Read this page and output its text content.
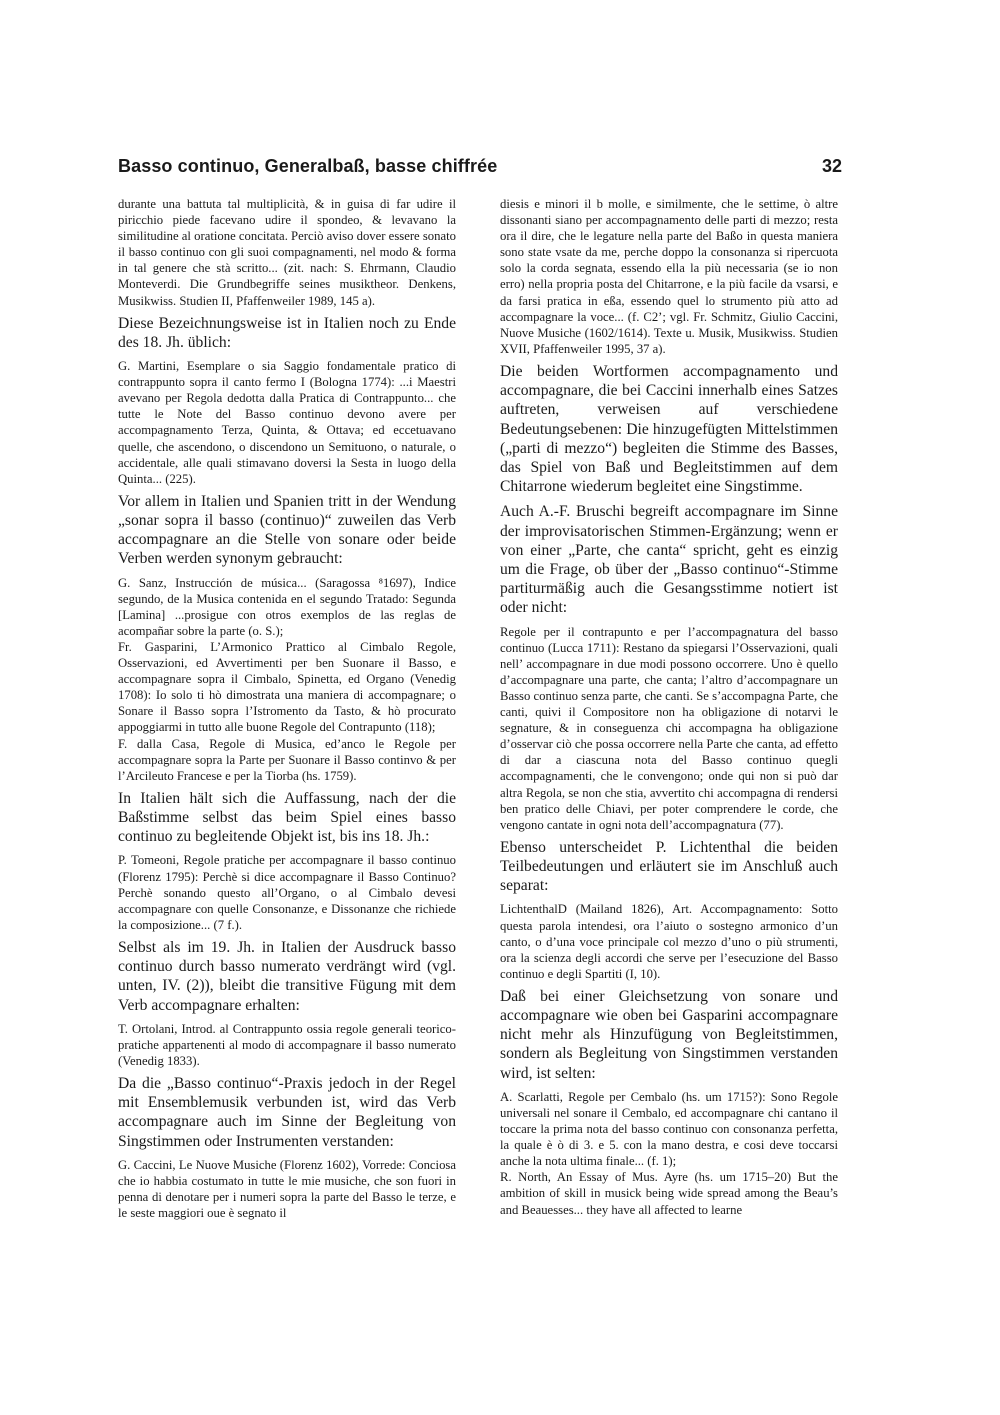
Basso continuo, Generalbaß, basse chiffrée	32

durante una battuta tal multiplicità, & in guisa di far udire il piricchio piede facevano udire il spondeo, & levavano la similitudine al oratione concitata. Perciò aviso dover essere sonato il basso continuo con gli suoi compagnamenti, nel modo & forma in tal genere che stà scritto... (zit. nach: S. Ehrmann, Claudio Monteverdi. Die Grundbegriffe seines musiktheor. Denkens, Musikwiss. Studien II, Pfaffenweiler 1989, 145 a).

Diese Bezeichnungsweise ist in Italien noch zu Ende des 18. Jh. üblich:

G. Martini, Esemplare o sia Saggio fondamentale pratico di contrappunto sopra il canto fermo I (Bologna 1774): ...i Maestri avevano per Regola dedotta dalla Pratica di Contrappunto... che tutte le Note del Basso continuo devono avere per accompagnamento Terza, Quinta, & Ottava; ed eccetuavano quelle, che ascendono, o discendono un Semituono, o naturale, o accidentale, alle quali stimavano doversi la Sesta in luogo della Quinta... (225).

Vor allem in Italien und Spanien tritt in der Wendung „sonar sopra il basso (continuo)“ zuweilen das Verb accompagnare an die Stelle von sonare oder beide Verben werden synonym gebraucht:

G. Sanz, Instrucción de música... (Saragossa ⁸1697), Indice segundo, de la Musica contenida en el segundo Tratado: Segunda [Lamina] ...prosigue con otros exemplos de las reglas de acompañar sobre la parte (o. S.);

Fr. Gasparini, L’Armonico Prattico al Cimbalo Regole, Osservazioni, ed Avvertimenti per ben Suonare il Basso, e accompagnare sopra il Cimbalo, Spinetta, ed Organo (Venedig 1708): Io solo ti hò dimostrata una maniera di accompagnare; o Sonare il Basso sopra l’Istromento da Tasto, & hò procurato appoggiarmi in tutto alle buone Regole del Contrapunto (118);

F. dalla Casa, Regole di Musica, ed’anco le Regole per accompagnare sopra la Parte per Suonare il Basso continvo & per l’Arcileuto Francese e per la Tiorba (hs. 1759).

In Italien hält sich die Auffassung, nach der die Baßstimme selbst das beim Spiel eines basso continuo zu begleitende Objekt ist, bis ins 18. Jh.:

P. Tomeoni, Regole pratiche per accompagnare il basso continuo (Florenz 1795): Perchè si dice accompagnare il Basso Continuo? Perchè sonando questo all’Organo, o al Cimbalo devesi accompagnare con quelle Consonanze, e Dissonanze che richiede la composizione... (7 f.).

Selbst als im 19. Jh. in Italien der Ausdruck basso continuo durch basso numerato verdrängt wird (vgl. unten, IV. (2)), bleibt die transitive Fügung mit dem Verb accompagnare erhalten:

T. Ortolani, Introd. al Contrappunto ossia regole generali teorico-pratiche appartenenti al modo di accompagnare il basso numerato (Venedig 1833).

Da die „Basso continuo“-Praxis jedoch in der Regel mit Ensemblemusik verbunden ist, wird das Verb accompagnare auch im Sinne der Begleitung von Singstimmen oder Instrumenten verstanden:

G. Caccini, Le Nuove Musiche (Florenz 1602), Vorrede: Conciosa che io habbia costumato in tutte le mie musiche, che son fuori in penna di denotare per i numeri sopra la parte del Basso le terze, e le seste maggiori oue è segnato il

diesis e minori il b molle, e similmente, che le settime, ò altre dissonanti siano per accompagnamento delle parti di mezzo; resta ora il dire, che le legature nella parte del Baßo in questa maniera sono state vsate da me, perche doppo la consonanza si ripercuota solo la corda segnata, essendo ella la più necessaria (se io non erro) nella propria posta del Chitarrone, e la più facile da vsarsi, e da farsi pratica in eßa, essendo quel lo strumento più atto ad accompagnare la voce... (f. C2’; vgl. Fr. Schmitz, Giulio Caccini, Nuove Musiche (1602/1614). Texte u. Musik, Musikwiss. Studien XVII, Pfaffenweiler 1995, 37 a).

Die beiden Wortformen accompagnamento und accompagnare, die bei Caccini innerhalb eines Satzes auftreten, verweisen auf verschiedene Bedeutungsebenen: Die hinzugefügten Mittelstimmen („parti di mezzo“) begleiten die Stimme des Basses, das Spiel von Baß und Begleitstimmen auf dem Chitarrone wiederum begleitet eine Singstimme.

Auch A.-F. Bruschi begreift accompagnare im Sinne der improvisatorischen Stimmen-Ergänzung; wenn er von einer „Parte, che canta“ spricht, geht es einzig um die Frage, ob über der „Basso continuo“-Stimme partiturmäßig auch die Gesangsstimme notiert ist oder nicht:

Regole per il contrapunto e per l’accompagnatura del basso continuo (Lucca 1711): Restano da spiegarsi l’Osservazioni, quali nell’ accompagnare in due modi possono occorrere. Uno è quello d’accompagnare una parte, che canta; l’altro d’accompagnare un Basso continuo senza parte, che canti. Se s’accompagna Parte, che canti, quivi il Compositore non ha obligazione di notarvi le segnature, & in conseguenza chi accompagna ha obligazione d’osservar ciò che possa occorrere nella Parte che canta, ad effetto di dar a ciascuna nota del Basso continuo quegli accompagnamenti, che le convengono; onde qui non si può dar altra Regola, se non che stia, avvertito chi accompagna di rendersi ben pratico delle Chiavi, per poter comprendere le corde, che vengono cantate in ogni nota dell’accompagnatura (77).

Ebenso unterscheidet P. Lichtenthal die beiden Teilbedeutungen und erläutert sie im Anschluß auch separat:

LichtenthalD (Mailand 1826), Art. Accompagnamento: Sotto questa parola intendesi, ora l’aiuto o sostegno armonico d’un canto, o d’una voce principale col mezzo d’uno o più strumenti, ora la scienza degli accordi che serve per l’esecuzione del Basso continuo e degli Spartiti (I, 10).

Daß bei einer Gleichsetzung von sonare und accompagnare wie oben bei Gasparini accompagnare nicht mehr als Hinzufügung von Begleitstimmen, sondern als Begleitung von Singstimmen verstanden wird, ist selten:

A. Scarlatti, Regole per Cembalo (hs. um 1715?): Sono Regole universali nel sonare il Cembalo, ed accompagnare chi cantano il toccare la prima nota del basso continuo con consonanza perfetta, la quale è ò di 3. e 5. con la mano destra, e cosi deve toccarsi anche la nota ultima finale... (f. 1);

R. North, An Essay of Mus. Ayre (hs. um 1715–20) But the ambition of skill in musick being wide spread among the Beau’s and Beauesses... they have all affected to learne
